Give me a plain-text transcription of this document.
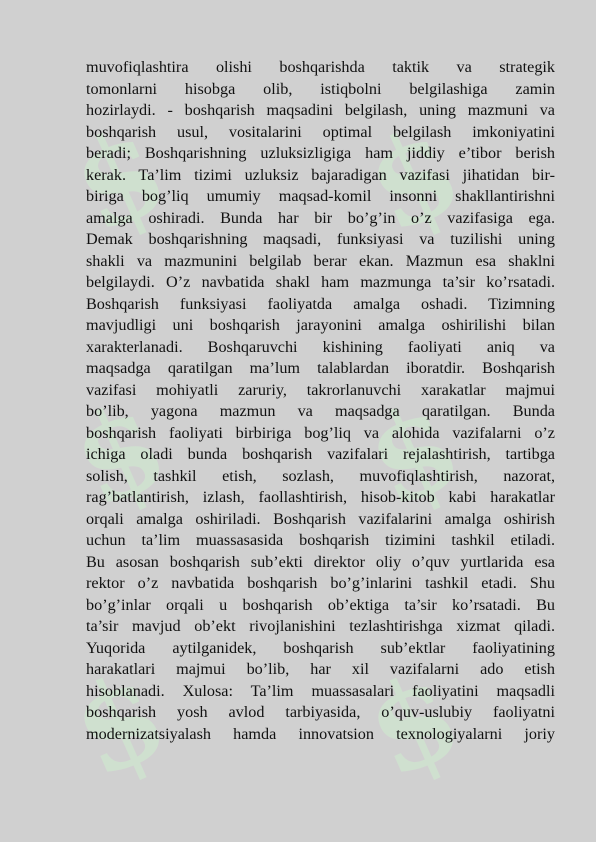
$ $
$ $
$ $
muvofiqlashtira olishi boshqarishda taktik va strategik
tomonlarni hisobga olib, istiqbolni belgilashiga zamin
hozirlaydi. - boshqarish maqsadini belgilash, uning mazmuni va
boshqarish usul, vositalarini optimal belgilash imkoniyatini
beradi; Boshqarishning uzluksizligiga ham jiddiy e’tibor berish
kerak. Ta’lim tizimi uzluksiz bajaradigan vazifasi jihatidan bir-
biriga bog’liq umumiy maqsad-komil insonni shakllantirishni
amalga oshiradi. Bunda har bir bo’g’in o’z vazifasiga ega.
Demak boshqarishning maqsadi, funksiyasi va tuzilishi uning
shakli va mazmunini belgilab berar ekan. Mazmun esa shaklni
belgilaydi. O’z navbatida shakl ham mazmunga ta’sir ko’rsatadi.
Boshqarish funksiyasi faoliyatda amalga oshadi. Tizimning
mavjudligi uni boshqarish jarayonini amalga oshirilishi bilan
xarakterlanadi. Boshqaruvchi kishining faoliyati aniq va
maqsadga qaratilgan ma’lum talablardan iboratdir. Boshqarish
vazifasi mohiyatli zaruriy, takrorlanuvchi xarakatlar majmui
bo’lib, yagona mazmun va maqsadga qaratilgan. Bunda
boshqarish faoliyati birbiriga bog’liq va alohida vazifalarni o’z
ichiga oladi bunda boshqarish vazifalari rejalashtirish, tartibga
solish, tashkil etish, sozlash, muvofiqlashtirish, nazorat,
rag’batlantirish, izlash, faollashtirish, hisob-kitob kabi harakatlar
orqali amalga oshiriladi. Boshqarish vazifalarini amalga oshirish
uchun ta’lim muassasasida boshqarish tizimini tashkil etiladi.
Bu asosan boshqarish sub’ekti direktor oliy o’quv yurtlarida esa
rektor o’z navbatida boshqarish bo’g’inlarini tashkil etadi. Shu
bo’g’inlar orqali u boshqarish ob’ektiga ta’sir ko’rsatadi. Bu
ta’sir mavjud ob’ekt rivojlanishini tezlashtirishga xizmat qiladi.
Yuqorida aytilganidek, boshqarish sub’ektlar faoliyatining
harakatlari majmui bo’lib, har xil vazifalarni ado etish
hisoblanadi. Xulosa: Ta’lim muassasalari faoliyatini maqsadli
boshqarish yosh avlod tarbiyasida, o’quv-uslubiy faoliyatni
modernizatsiyalash hamda innovatsion texnologiyalarni joriy
